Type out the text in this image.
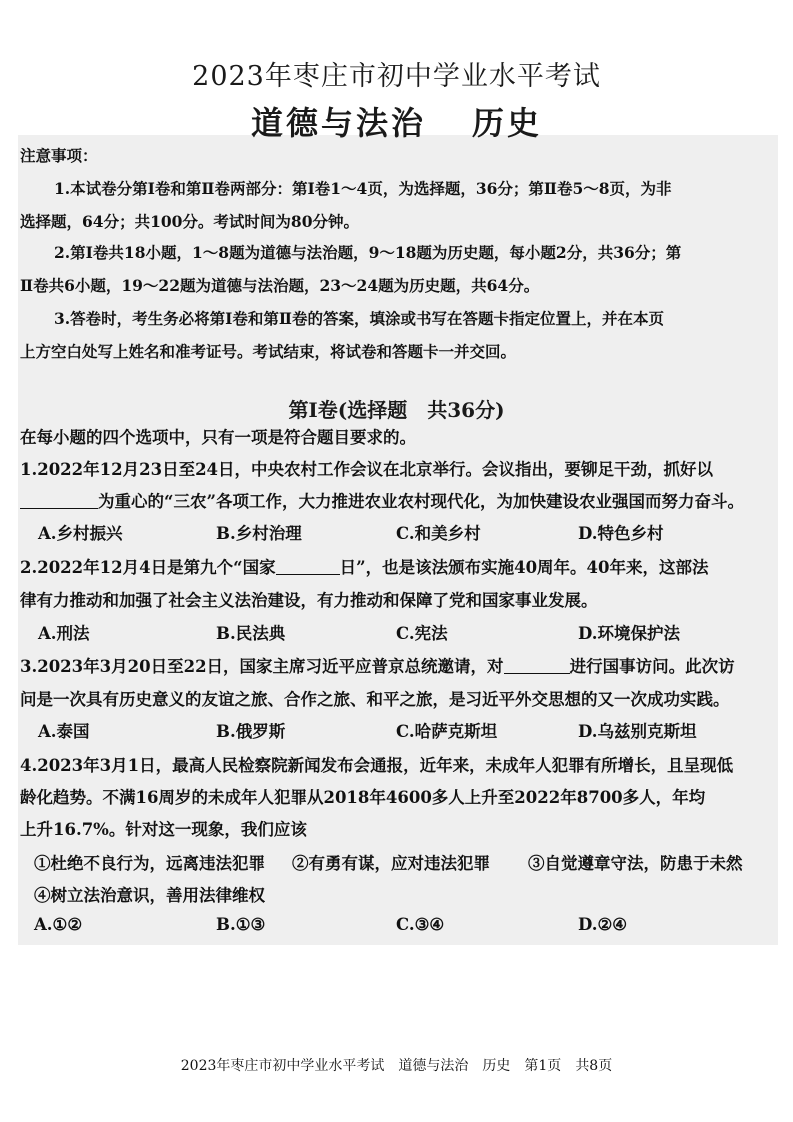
2023年枣庄市初中学业水平考试
道德与法治 历史
注意事项：
1.本试卷分第Ⅰ卷和第Ⅱ卷两部分：第Ⅰ卷1～4页，为选择题，36分；第Ⅱ卷5～8页，为非
选择题，64分；共100分。考试时间为80分钟。
2.第Ⅰ卷共18小题，1～8题为道德与法治题，9～18题为历史题，每小题2分，共36分；第
Ⅱ卷共6小题，19～22题为道德与法治题，23～24题为历史题，共64分。
3.答卷时，考生务必将第Ⅰ卷和第Ⅱ卷的答案，填涂或书写在答题卡指定位置上，并在本页
上方空白处写上姓名和准考证号。考试结束，将试卷和答题卡一并交回。
第Ⅰ卷(选择题　共36分)
在每小题的四个选项中，只有一项是符合题目要求的。
1.2022年12月23日至24日，中央农村工作会议在北京举行。会议指出，要铆足干劲，抓好以
为重心的“三农”各项工作，大力推进农业农村现代化，为加快建设农业强国而努力奋斗。
A.乡村振兴	B.乡村治理	C.和美乡村	D.特色乡村
2.2022年12月4日是第九个“国家	日”，也是该法颁布实施40周年。40年来，这部法
律有力推动和加强了社会主义法治建设，有力推动和保障了党和国家事业发展。
A.刑法	B.民法典	C.宪法	D.环境保护法
3.2023年3月20日至22日，国家主席习近平应普京总统邀请，对	进行国事访问。此次访
问是一次具有历史意义的友谊之旅、合作之旅、和平之旅，是习近平外交思想的又一次成功实践。
A.泰国	B.俄罗斯	C.哈萨克斯坦	D.乌兹别克斯坦
4.2023年3月1日，最高人民检察院新闻发布会通报，近年来，未成年人犯罪有所增长，且呈现低
龄化趋势。不满16周岁的未成年人犯罪从2018年4600多人上升至2022年8700多人，年均
上升16.7%。针对这一现象，我们应该
①杜绝不良行为，远离违法犯罪 ②有勇有谋，应对违法犯罪 ③自觉遵章守法，防患于未然
④树立法治意识，善用法律维权
A.①②	B.①③	C.③④	D.②④
2023年枣庄市初中学业水平考试 道德与法治　历史 第1页 共8页
